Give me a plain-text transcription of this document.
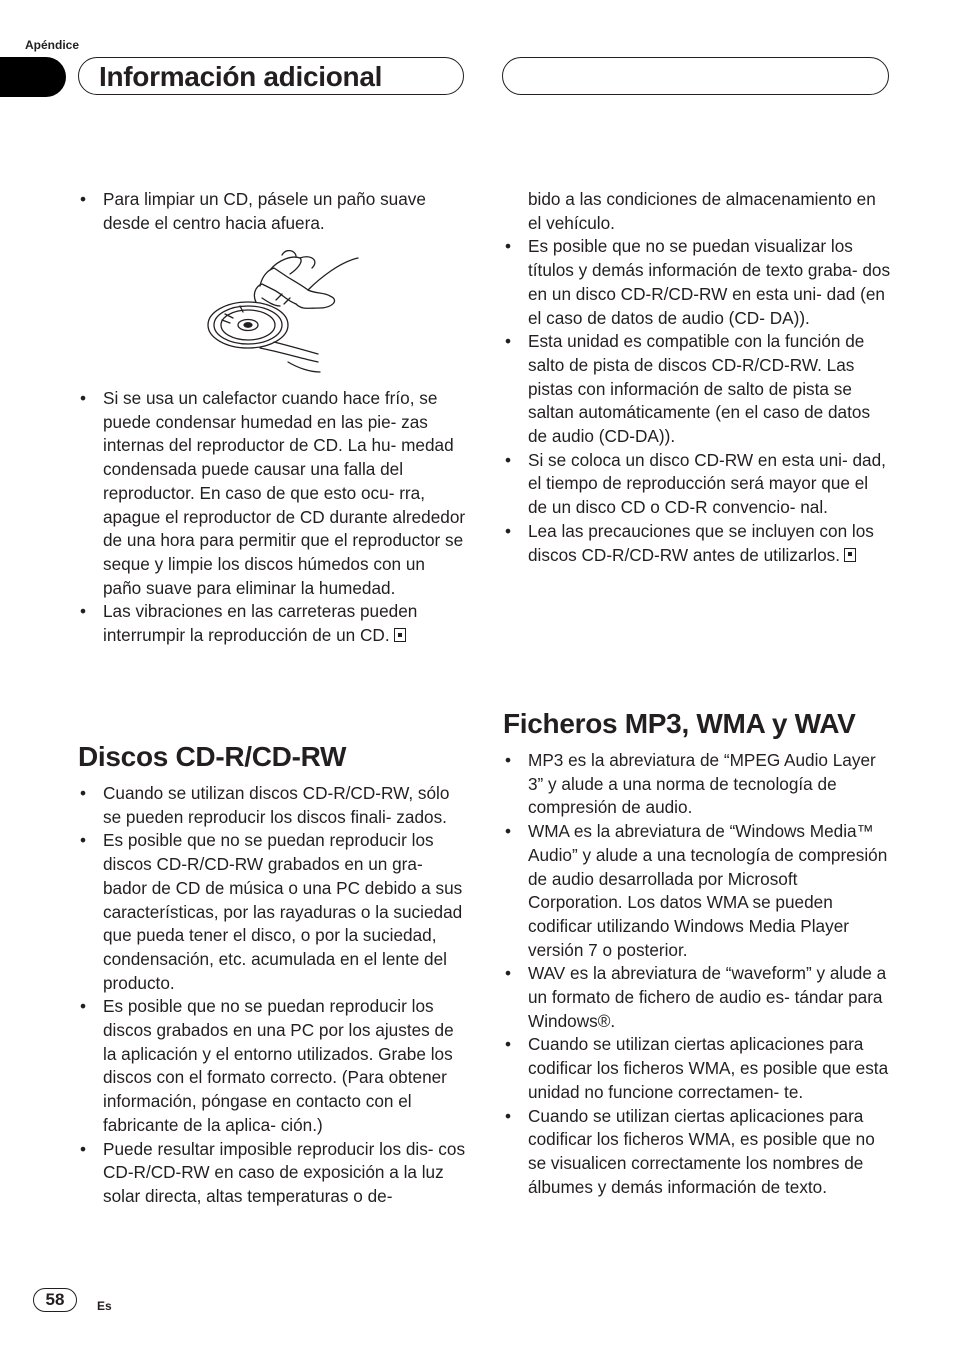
Apéndice
Información adicional
• Para limpiar un CD, pásele un paño suave desde el centro hacia afuera.
• Si se usa un calefactor cuando hace frío, se puede condensar humedad en las pie- zas internas del reproductor de CD. La hu- medad condensada puede causar una falla del reproductor. En caso de que esto ocu- rra, apague el reproductor de CD durante alrededor de una hora para permitir que el reproductor se seque y limpie los discos húmedos con un paño suave para eliminar la humedad.
• Las vibraciones en las carreteras pueden interrumpir la reproducción de un CD.
Discos CD-R/CD-RW
• Cuando se utilizan discos CD-R/CD-RW, sólo se pueden reproducir los discos finali- zados.
• Es posible que no se puedan reproducir los discos CD-R/CD-RW grabados en un gra- bador de CD de música o una PC debido a sus características, por las rayaduras o la suciedad que pueda tener el disco, o por la suciedad, condensación, etc. acumulada en el lente del producto.
• Es posible que no se puedan reproducir los discos grabados en una PC por los ajustes de la aplicación y el entorno utilizados. Grabe los discos con el formato correcto. (Para obtener información, póngase en contacto con el fabricante de la aplica- ción.)
• Puede resultar imposible reproducir los dis- cos CD-R/CD-RW en caso de exposición a la luz solar directa, altas temperaturas o de-
bido a las condiciones de almacenamiento en el vehículo.
• Es posible que no se puedan visualizar los títulos y demás información de texto graba- dos en un disco CD-R/CD-RW en esta uni- dad (en el caso de datos de audio (CD- DA)).
• Esta unidad es compatible con la función de salto de pista de discos CD-R/CD-RW. Las pistas con información de salto de pista se saltan automáticamente (en el caso de datos de audio (CD-DA)).
• Si se coloca un disco CD-RW en esta uni- dad, el tiempo de reproducción será mayor que el de un disco CD o CD-R convencio- nal.
• Lea las precauciones que se incluyen con los discos CD-R/CD-RW antes de utilizarlos.
Ficheros MP3, WMA y WAV
• MP3 es la abreviatura de “MPEG Audio Layer 3” y alude a una norma de tecnología de compresión de audio.
• WMA es la abreviatura de “Windows Media™ Audio” y alude a una tecnología de compresión de audio desarrollada por Microsoft Corporation. Los datos WMA se pueden codificar utilizando Windows Media Player versión 7 o posterior.
• WAV es la abreviatura de “waveform” y alude a un formato de fichero de audio es- tándar para Windows®.
• Cuando se utilizan ciertas aplicaciones para codificar los ficheros WMA, es posible que esta unidad no funcione correctamen- te.
• Cuando se utilizan ciertas aplicaciones para codificar los ficheros WMA, es posible que no se visualicen correctamente los nombres de álbumes y demás información de texto.
58	Es
